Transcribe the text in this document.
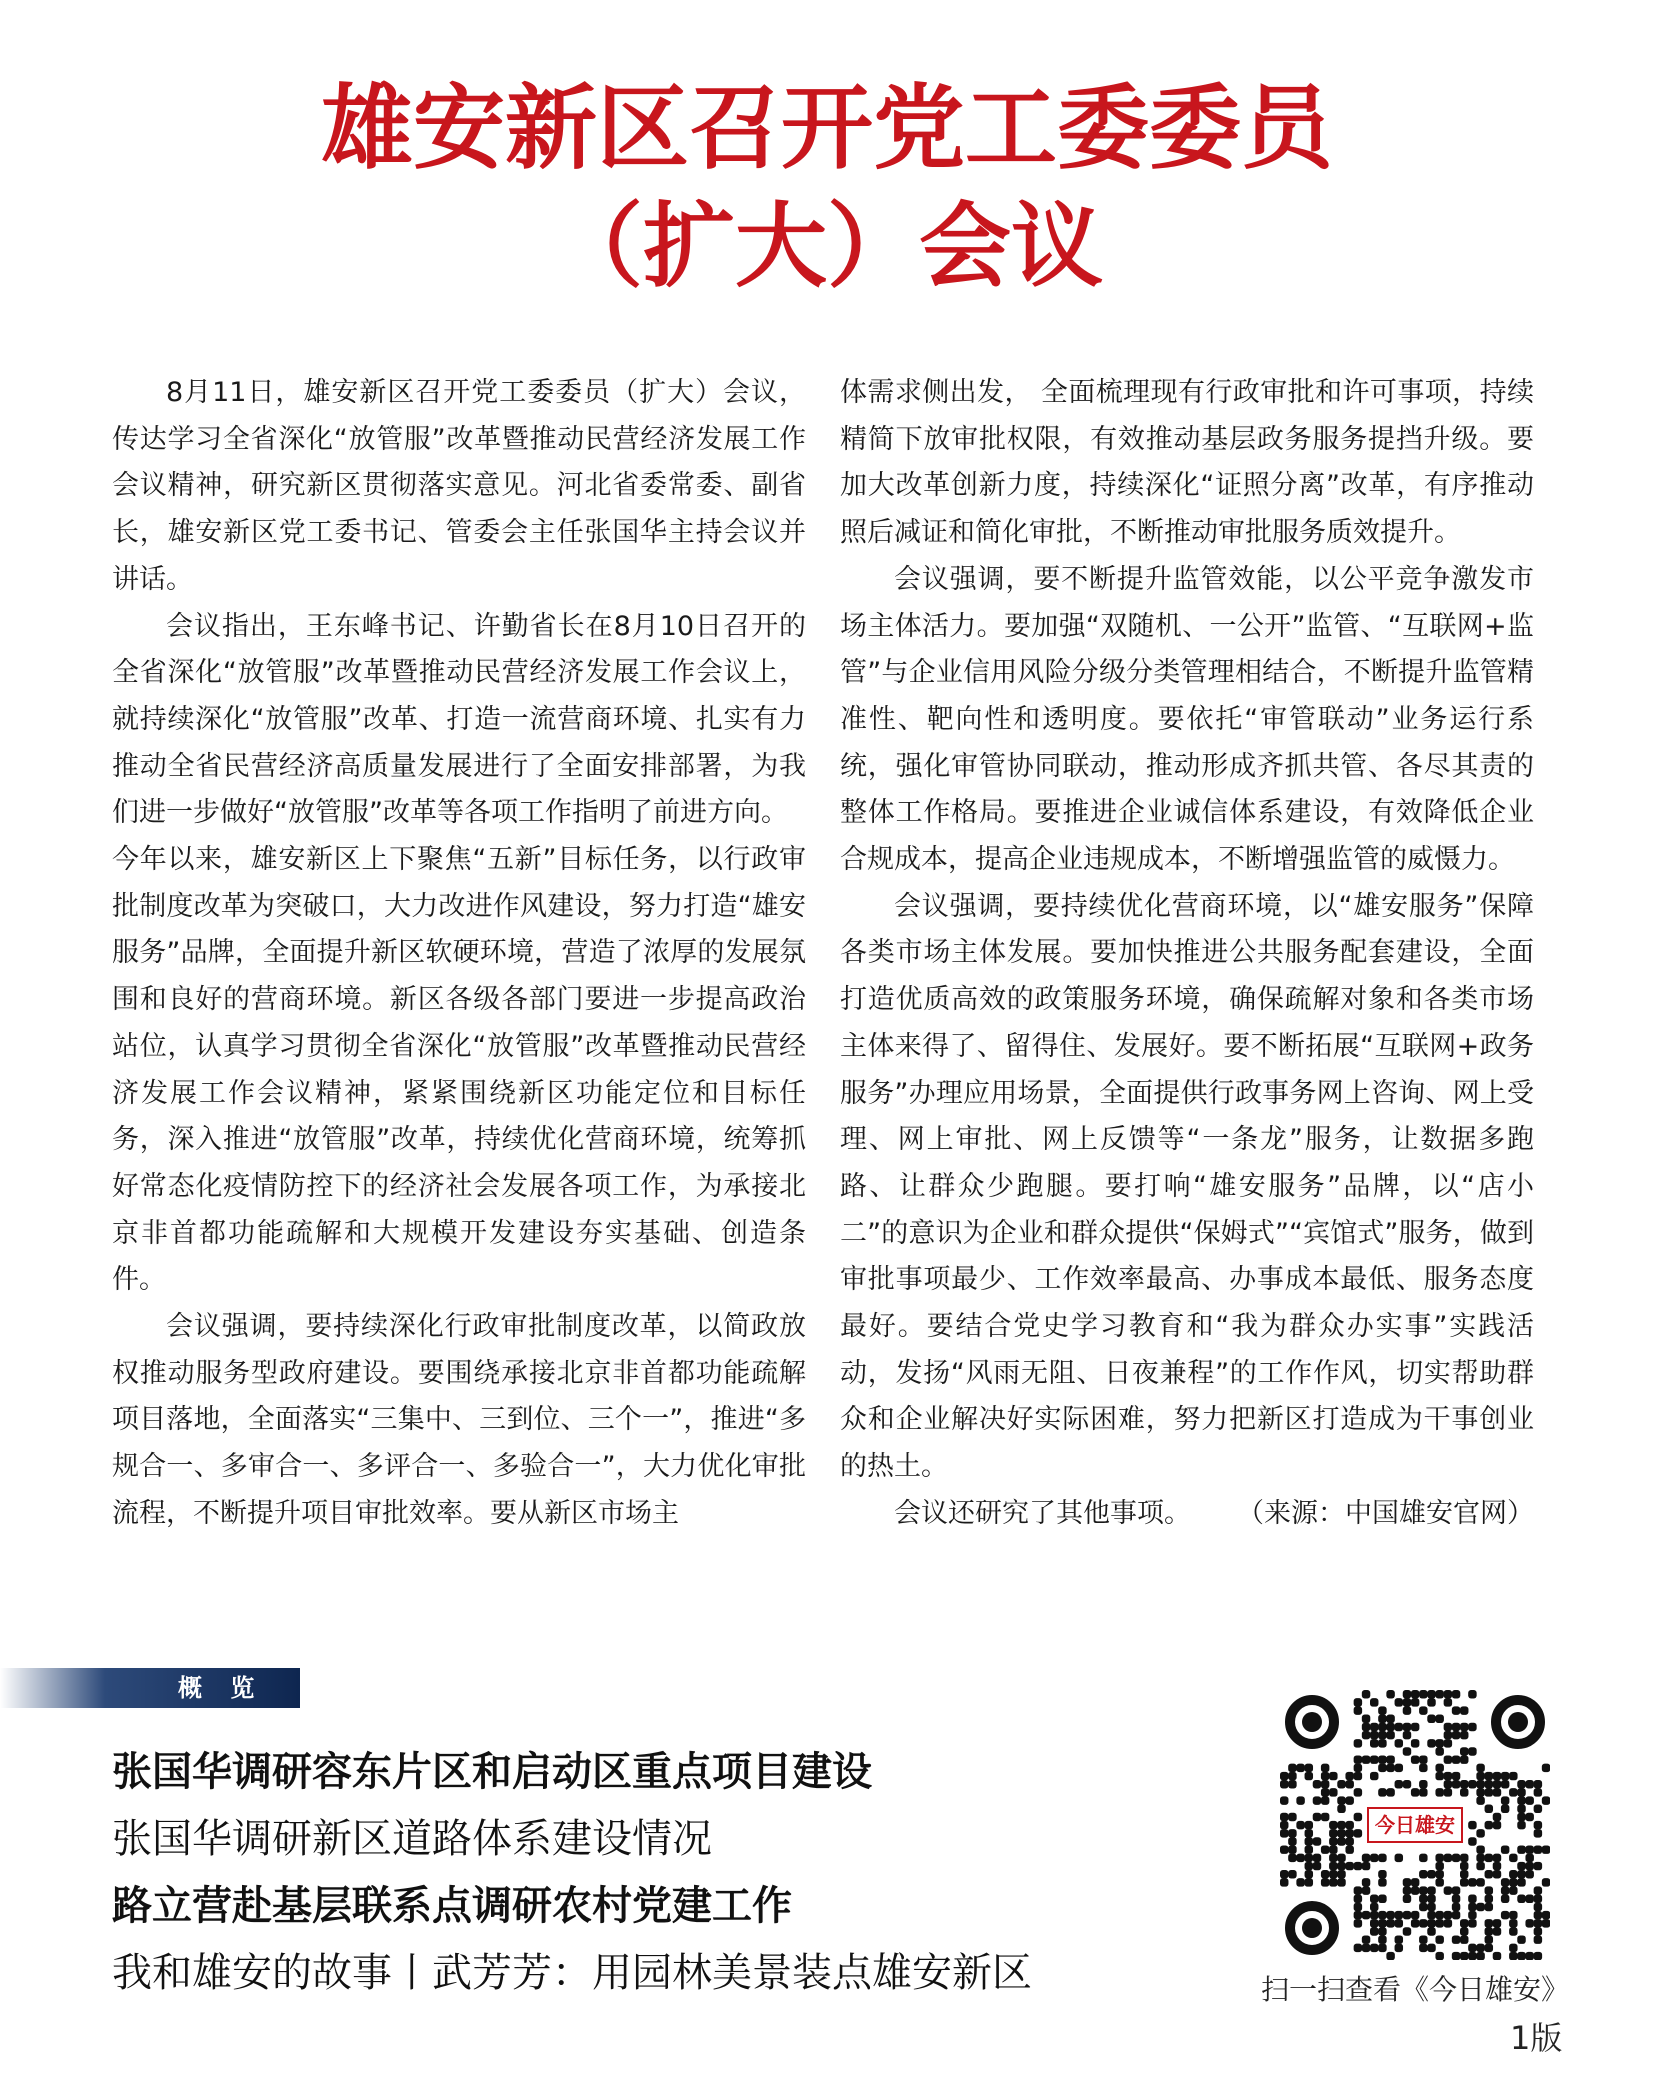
雄安新区召开党工委委员
（扩大）会议

8月11日，雄安新区召开党工委委员（扩大）会议，传达学习全省深化“放管服”改革暨推动民营经济发展工作会议精神，研究新区贯彻落实意见。河北省委常委、副省长，雄安新区党工委书记、管委会主任张国华主持会议并讲话。

会议指出，王东峰书记、许勤省长在8月10日召开的全省深化“放管服”改革暨推动民营经济发展工作会议上，就持续深化“放管服”改革、打造一流营商环境、扎实有力推动全省民营经济高质量发展进行了全面安排部署，为我们进一步做好“放管服”改革等各项工作指明了前进方向。

今年以来，雄安新区上下聚焦“五新”目标任务，以行政审批制度改革为突破口，大力改进作风建设，努力打造“雄安服务”品牌，全面提升新区软硬环境，营造了浓厚的发展氛围和良好的营商环境。新区各级各部门要进一步提高政治站位，认真学习贯彻全省深化“放管服”改革暨推动民营经济发展工作会议精神，紧紧围绕新区功能定位和目标任务，深入推进“放管服”改革，持续优化营商环境，统筹抓好常态化疫情防控下的经济社会发展各项工作，为承接北京非首都功能疏解和大规模开发建设夯实基础、创造条件。

会议强调，要持续深化行政审批制度改革，以简政放权推动服务型政府建设。要围绕承接北京非首都功能疏解项目落地，全面落实“三集中、三到位、三个一”，推进“多规合一、多审合一、多评合一、多验合一”，大力优化审批流程，不断提升项目审批效率。要从新区市场主

体需求侧出发， 全面梳理现有行政审批和许可事项，持续精简下放审批权限，有效推动基层政务服务提挡升级。要加大改革创新力度，持续深化“证照分离”改革，有序推动照后减证和简化审批，不断推动审批服务质效提升。

会议强调，要不断提升监管效能，以公平竞争激发市场主体活力。要加强“双随机、一公开”监管、“互联网+监管”与企业信用风险分级分类管理相结合，不断提升监管精准性、靶向性和透明度。要依托“审管联动”业务运行系统，强化审管协同联动，推动形成齐抓共管、各尽其责的整体工作格局。要推进企业诚信体系建设，有效降低企业合规成本，提高企业违规成本，不断增强监管的威慑力。

会议强调，要持续优化营商环境，以“雄安服务”保障各类市场主体发展。要加快推进公共服务配套建设，全面打造优质高效的政策服务环境，确保疏解对象和各类市场主体来得了、留得住、发展好。要不断拓展“互联网+政务服务”办理应用场景，全面提供行政事务网上咨询、网上受理、网上审批、网上反馈等“一条龙”服务，让数据多跑路、让群众少跑腿。要打响“雄安服务”品牌，以“店小二”的意识为企业和群众提供“保姆式”“宾馆式”服务，做到审批事项最少、工作效率最高、办事成本最低、服务态度最好。要结合党史学习教育和“我为群众办实事”实践活动，发扬“风雨无阻、日夜兼程”的工作作风，切实帮助群众和企业解决好实际困难，努力把新区打造成为干事创业的热土。

会议还研究了其他事项。 （来源：中国雄安官网）

概 览

张国华调研容东片区和启动区重点项目建设

张国华调研新区道路体系建设情况

路立营赴基层联系点调研农村党建工作

我和雄安的故事丨武芳芳：用园林美景装点雄安新区

今日雄安
扫一扫查看《今日雄安》
1版
